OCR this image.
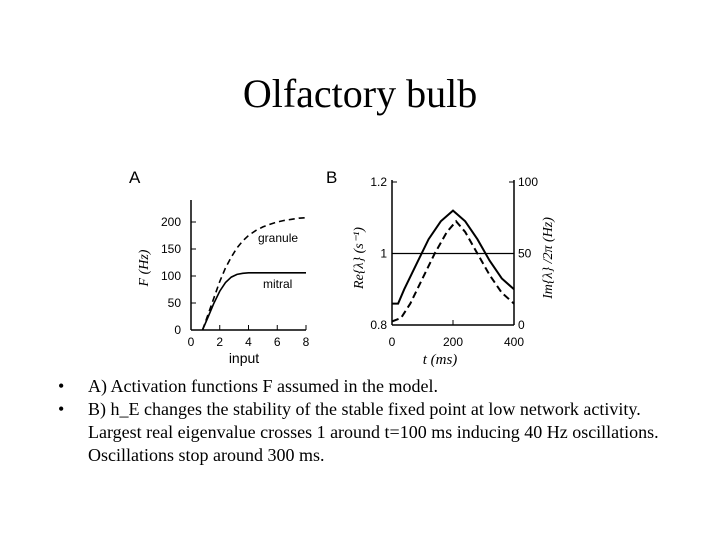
Olfactory bulb
A	B
0
50
100
150
200
0 2 4 6 8
granule
mitral
input
F (Hz)
0.8
1
1.2
0
50
100
0	200	400
t (ms)
Re{λ} (s⁻¹)	Im{λ} /2π (Hz)
• A) Activation functions F assumed in the model.
• B) h_E changes the stability of the stable fixed point at low network activity. Largest real eigenvalue crosses 1 around t=100 ms inducing 40 Hz oscillations. Oscillations stop around 300 ms.
